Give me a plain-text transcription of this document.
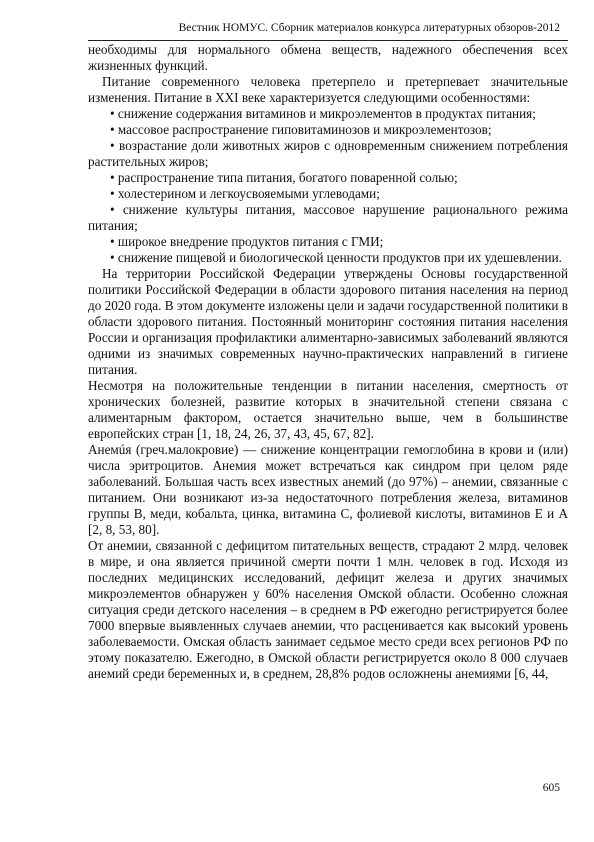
Вестник НОМУС. Сборник материалов конкурса литературных обзоров-2012

необходимы для нормального обмена веществ, надежного обеспечения всех жизненных функций.

Питание современного человека претерпело и претерпевает значительные изменения. Питание в XXI веке характеризуется следующими особенностями:

• снижение содержания витаминов и микроэлементов в продуктах питания;

• массовое распространение гиповитаминозов и микроэлементозов;

• возрастание доли животных жиров с одновременным снижением потребления растительных жиров;

• распространение типа питания, богатого поваренной солью;

• холестерином и легкоусвояемыми углеводами;

• снижение культуры питания, массовое нарушение рационального режима питания;

• широкое внедрение продуктов питания с ГМИ;

• снижение пищевой и биологической ценности продуктов при их удешевлении.

На территории Российской Федерации утверждены Основы государственной политики Российской Федерации в области здорового питания населения на период до 2020 года. В этом документе изложены цели и задачи государственной политики в области здорового питания. Постоянный мониторинг состояния питания населения России и организация профилактики алиментарно-зависимых заболеваний являются одними из значимых современных научно-практических направлений в гигиене питания.

Несмотря на положительные тенденции в питании населения, смертность от хронических болезней, развитие которых в значительной степени связана с алиментарным фактором, остается значительно выше, чем в большинстве европейских стран [1, 18, 24, 26, 37, 43, 45, 67, 82].

Анемúя (греч.малокровие) — снижение концентрации гемоглобина в крови и (или) числа эритроцитов. Анемия может встречаться как синдром при целом ряде заболеваний. Большая часть всех известных анемий (до 97%) – анемии, связанные с питанием. Они возникают из-за недостаточного потребления железа, витаминов группы В, меди, кобальта, цинка, витамина С, фолиевой кислоты, витаминов Е и А [2, 8, 53, 80].

От анемии, связанной с дефицитом питательных веществ, страдают 2 млрд. человек в мире, и она является причиной смерти почти 1 млн. человек в год. Исходя из последних медицинских исследований, дефицит железа и других значимых микроэлементов обнаружен у 60% населения Омской области. Особенно сложная ситуация среди детского населения – в среднем в РФ ежегодно регистрируется более 7000 впервые выявленных случаев анемии, что расценивается как высокий уровень заболеваемости. Омская область занимает седьмое место среди всех регионов РФ по этому показателю. Ежегодно, в Омской области регистрируется около 8 000 случаев анемий среди беременных и, в среднем, 28,8% родов осложнены анемиями [6, 44,

605
